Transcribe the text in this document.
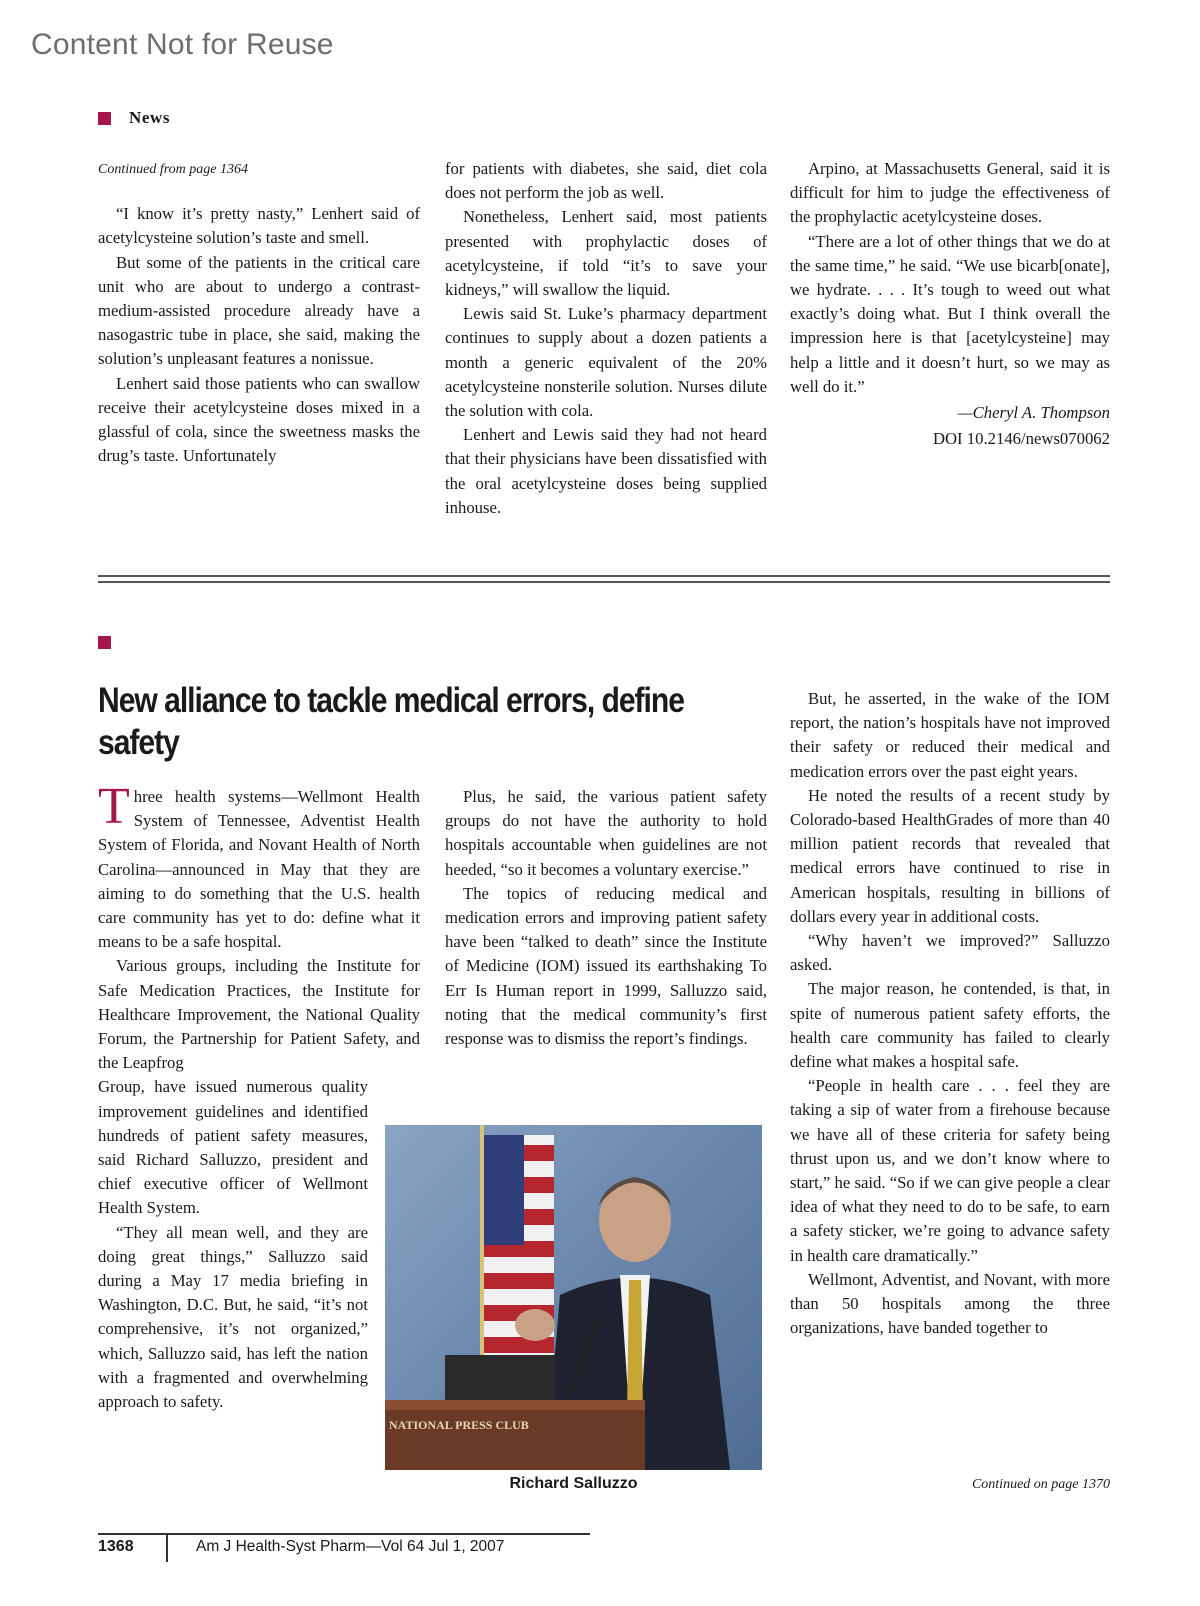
Content Not for Reuse
News
Continued from page 1364

“I know it’s pretty nasty,” Lenhert said of acetylcysteine solution’s taste and smell.

But some of the patients in the critical care unit who are about to undergo a contrast-medium-assisted procedure already have a nasogastric tube in place, she said, making the solution’s unpleasant features a nonissue.

Lenhert said those patients who can swallow receive their acetylcysteine doses mixed in a glassful of cola, since the sweetness masks the drug’s taste. Unfortunately

for patients with diabetes, she said, diet cola does not perform the job as well.

Nonetheless, Lenhert said, most patients presented with prophylactic doses of acetylcysteine, if told “it’s to save your kidneys,” will swallow the liquid.

Lewis said St. Luke’s pharmacy department continues to supply about a dozen patients a month a generic equivalent of the 20% acetylcysteine nonsterile solution. Nurses dilute the solution with cola.

Lenhert and Lewis said they had not heard that their physicians have been dissatisfied with the oral acetylcysteine doses being supplied inhouse.

Arpino, at Massachusetts General, said it is difficult for him to judge the effectiveness of the prophylactic acetylcysteine doses.

“There are a lot of other things that we do at the same time,” he said. “We use bicarb[onate], we hydrate. . . . It’s tough to weed out what exactly’s doing what. But I think overall the impression here is that [acetylcysteine] may help a little and it doesn’t hurt, so we may as well do it.”

—Cheryl A. Thompson
DOI 10.2146/news070062
New alliance to tackle medical errors, define safety

Three health systems—Wellmont Health System of Tennessee, Adventist Health System of Florida, and Novant Health of North Carolina—announced in May that they are aiming to do something that the U.S. health care community has yet to do: define what it means to be a safe hospital.

Various groups, including the Institute for Safe Medication Practices, the Institute for Healthcare Improvement, the National Quality Forum, the Partnership for Patient Safety, and the Leapfrog

Group, have issued numerous quality improvement guidelines and identified hundreds of patient safety measures, said Richard Salluzzo, president and chief executive officer of Wellmont Health System.

“They all mean well, and they are doing great things,” Salluzzo said during a May 17 media briefing in Washington, D.C. But, he said, “it’s not comprehensive, it’s not organized,” which, Salluzzo said, has left the nation with a fragmented and overwhelming approach to safety.

Plus, he said, the various patient safety groups do not have the authority to hold hospitals accountable when guidelines are not heeded, “so it becomes a voluntary exercise.”

The topics of reducing medical and medication errors and improving patient safety have been “talked to death” since the Institute of Medicine (IOM) issued its earthshaking To Err Is Human report in 1999, Salluzzo said, noting that the medical community’s first response was to dismiss the report’s findings.

But, he asserted, in the wake of the IOM report, the nation’s hospitals have not improved their safety or reduced their medical and medication errors over the past eight years.

He noted the results of a recent study by Colorado-based HealthGrades of more than 40 million patient records that revealed that medical errors have continued to rise in American hospitals, resulting in billions of dollars every year in additional costs.

“Why haven’t we improved?” Salluzzo asked.

The major reason, he contended, is that, in spite of numerous patient safety efforts, the health care community has failed to clearly define what makes a hospital safe.

“People in health care . . . feel they are taking a sip of water from a firehouse because we have all of these criteria for safety being thrust upon us, and we don’t know where to start,” he said. “So if we can give people a clear idea of what they need to do to be safe, to earn a safety sticker, we’re going to advance safety in health care dramatically.”

Wellmont, Adventist, and Novant, with more than 50 hospitals among the three organizations, have banded together to

NATIONAL PRESS CLUB
Richard Salluzzo	Continued on page 1370
1368	Am J Health-Syst Pharm—Vol 64 Jul 1, 2007
